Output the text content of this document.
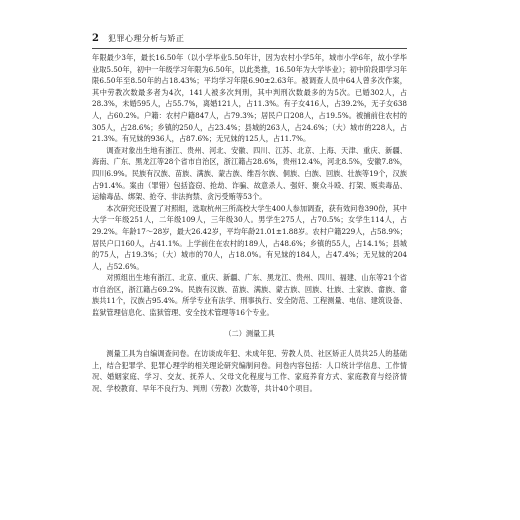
2 犯罪心理分析与矫正

年限最少3年，最长16.50年（以小学毕业5.50年计，因为农村小学5年，城市小学6年，故小学毕业取5.50年，初中一年级学习年限为6.50年，以此类推，16.50年为大学毕业）；初中阶段即学习年限6.50年至8.50年的占18.43%；平均学习年限6.90±2.63年。被调查人员中64人曾多次作案，其中劳教次数最多者为4次，141人被多次判刑，其中判刑次数最多的为5次。已婚302人，占28.3%，未婚595人，占55.7%，离婚121人，占11.3%。有子女416人，占39.2%，无子女638人，占60.2%。户籍：农村户籍847人，占79.3%；居民户口208人，占19.5%。被捕前住农村的305人，占28.6%；乡镇的250人，占23.4%；县城的263人，占24.6%；（大）城市的228人，占21.3%。有兄妹的936人，占87.6%；无兄妹的125人，占11.7%。

调查对象出生地有浙江、贵州、河北、安徽、四川、江苏、北京、上海、天津、重庆、新疆、海南、广东、黑龙江等28个省市自治区，浙江籍占28.6%，贵州12.4%，河北8.5%，安徽7.8%，四川6.9%。民族有汉族、苗族、满族、蒙古族、维吾尔族、侗族、白族、回族、壮族等19个，汉族占91.4%。案由（罪错）包括盗窃、抢劫、诈骗、故意杀人、强奸、聚众斗殴、打架、贩卖毒品、运输毒品、绑架、抢夺、非法拘禁、贪污受贿等53个。

本次研究还设置了对照组，选取杭州三所高校大学生400人参加调查，获有效问卷390份，其中大学一年级251人，二年级109人，三年级30人。男学生275人，占70.5%；女学生114人，占29.2%。年龄17～28岁，最大26.42岁，平均年龄21.01±1.88岁。农村户籍229人，占58.9%；居民户口160人，占41.1%。上学前住在农村的189人，占48.6%；乡镇的55人，占14.1%；县城的75人，占19.3%；（大）城市的70人，占18.0%。有兄妹的184人，占47.4%；无兄妹的204人，占52.6%。

对照组出生地有浙江、北京、重庆、新疆、广东、黑龙江、贵州、四川、福建、山东等21个省市自治区，浙江籍占69.2%。民族有汉族、苗族、满族、蒙古族、回族、壮族、土家族、畲族、畲族共11个，汉族占95.4%。所学专业有法学、刑事执行、安全防范、工程测量、电信、建筑设备、监狱管理信息化、监狱管理、安全技术管理等16个专业。

（二）测量工具

测量工具为自编调查问卷。在访谈成年犯、未成年犯、劳教人员、社区矫正人员共25人的基础上，结合犯罪学、犯罪心理学的相关理论研究编制问卷。问卷内容包括：人口统计学信息、工作情况、婚姻家庭、学习、交友、抚养人、父母文化程度与工作、家庭养育方式、家庭教育与经济情况、学校教育、早年不良行为、判刑（劳教）次数等，共计40个项目。
